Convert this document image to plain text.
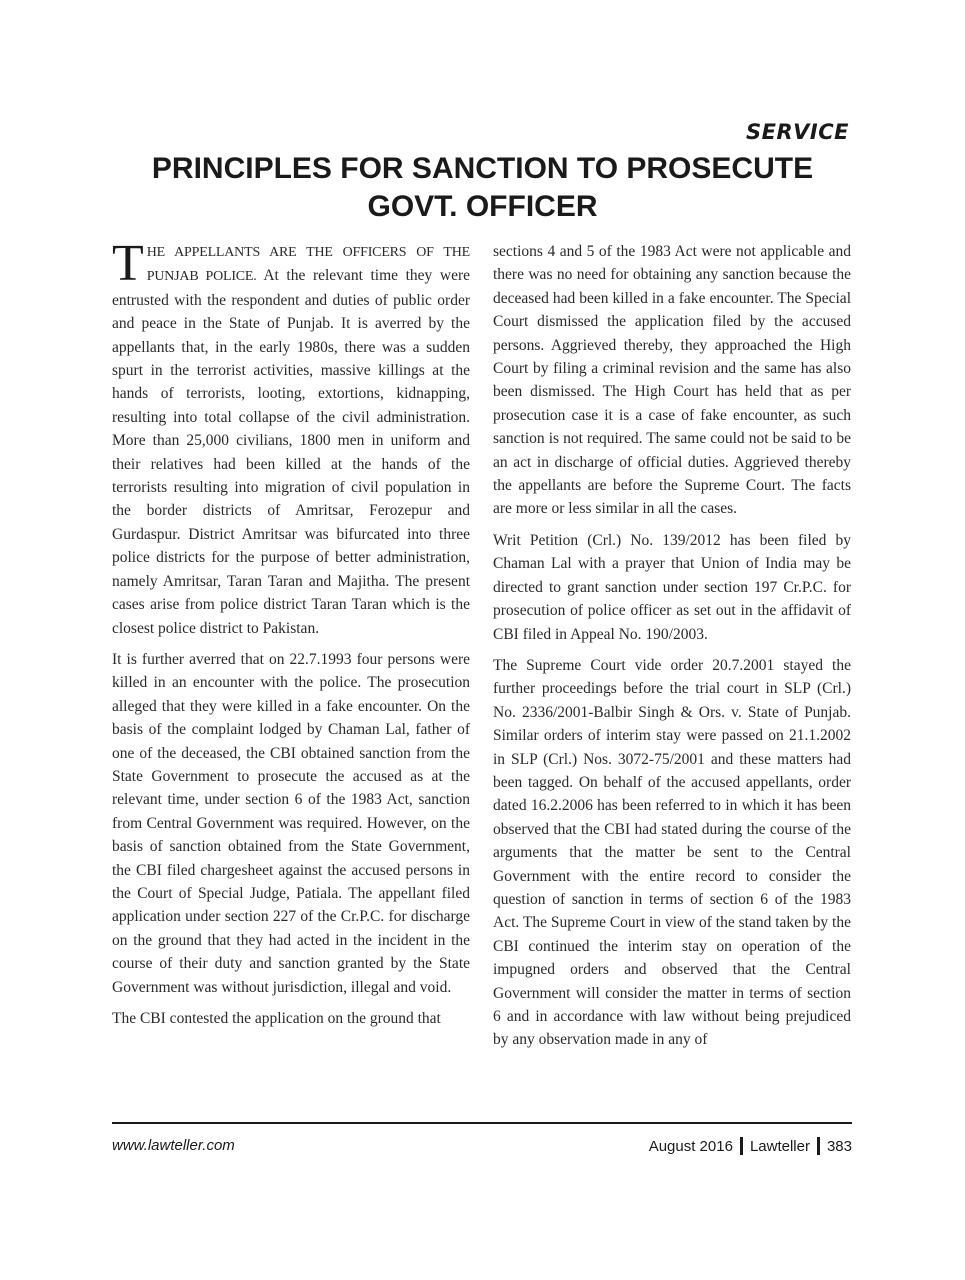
SERVICE
PRINCIPLES FOR SANCTION TO PROSECUTE
GOVT. OFFICER

THE APPELLANTS ARE THE OFFICERS OF THE PUNJAB POLICE. At the relevant time they were entrusted with the respondent and duties of public order and peace in the State of Punjab. It is averred by the appellants that, in the early 1980s, there was a sudden spurt in the terrorist activities, massive killings at the hands of terrorists, looting, extortions, kidnapping, resulting into total collapse of the civil administration. More than 25,000 civilians, 1800 men in uniform and their relatives had been killed at the hands of the terrorists resulting into migration of civil population in the border districts of Amritsar, Ferozepur and Gurdaspur. District Amritsar was bifurcated into three police districts for the purpose of better administration, namely Amritsar, Taran Taran and Majitha. The present cases arise from police district Taran Taran which is the closest police district to Pakistan.

It is further averred that on 22.7.1993 four persons were killed in an encounter with the police. The prosecution alleged that they were killed in a fake encounter. On the basis of the complaint lodged by Chaman Lal, father of one of the deceased, the CBI obtained sanction from the State Government to prosecute the accused as at the relevant time, under section 6 of the 1983 Act, sanction from Central Government was required. However, on the basis of sanction obtained from the State Government, the CBI filed chargesheet against the accused persons in the Court of Special Judge, Patiala. The appellant filed application under section 227 of the Cr.P.C. for discharge on the ground that they had acted in the incident in the course of their duty and sanction granted by the State Government was without jurisdiction, illegal and void.

The CBI contested the application on the ground that

sections 4 and 5 of the 1983 Act were not applicable and there was no need for obtaining any sanction because the deceased had been killed in a fake encounter. The Special Court dismissed the application filed by the accused persons. Aggrieved thereby, they approached the High Court by filing a criminal revision and the same has also been dismissed. The High Court has held that as per prosecution case it is a case of fake encounter, as such sanction is not required. The same could not be said to be an act in discharge of official duties. Aggrieved thereby the appellants are before the Supreme Court. The facts are more or less similar in all the cases.

Writ Petition (Crl.) No. 139/2012 has been filed by Chaman Lal with a prayer that Union of India may be directed to grant sanction under section 197 Cr.P.C. for prosecution of police officer as set out in the affidavit of CBI filed in Appeal No. 190/2003.

The Supreme Court vide order 20.7.2001 stayed the further proceedings before the trial court in SLP (Crl.) No. 2336/2001-Balbir Singh & Ors. v. State of Punjab. Similar orders of interim stay were passed on 21.1.2002 in SLP (Crl.) Nos. 3072-75/2001 and these matters had been tagged. On behalf of the accused appellants, order dated 16.2.2006 has been referred to in which it has been observed that the CBI had stated during the course of the arguments that the matter be sent to the Central Government with the entire record to consider the question of sanction in terms of section 6 of the 1983 Act. The Supreme Court in view of the stand taken by the CBI continued the interim stay on operation of the impugned orders and observed that the Central Government will consider the matter in terms of section 6 and in accordance with law without being prejudiced by any observation made in any of

www.lawteller.com	August 2016 Lawteller 383
